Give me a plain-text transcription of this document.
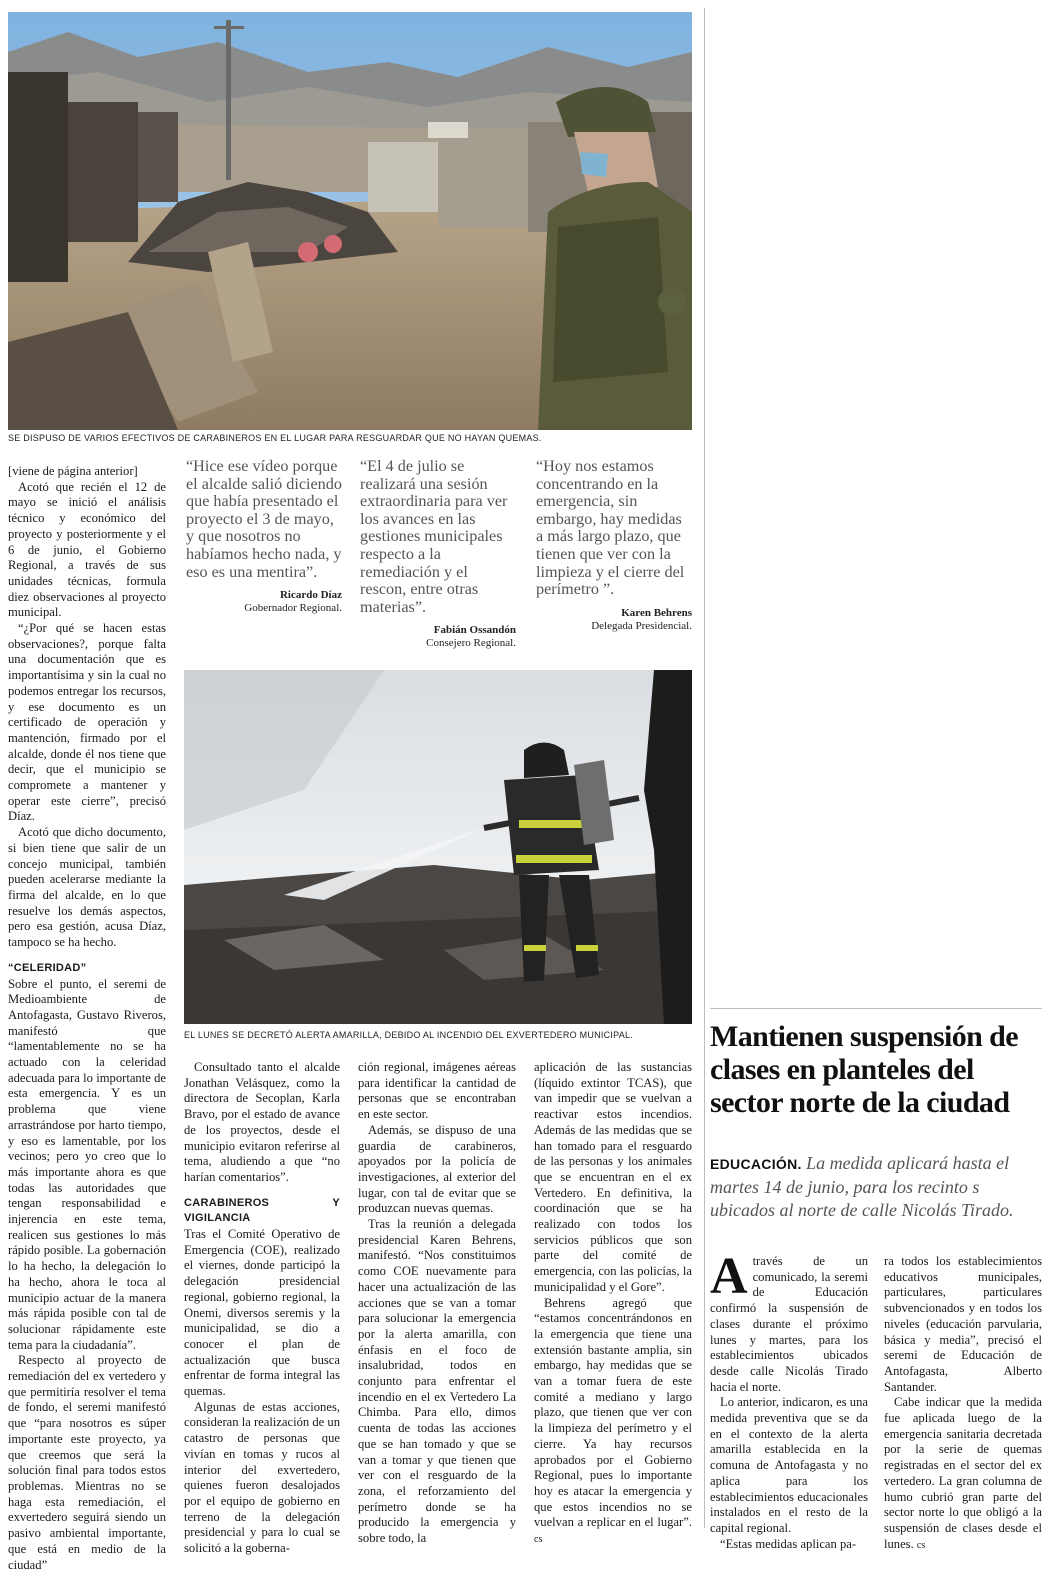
SE DISPUSO DE VARIOS EFECTIVOS DE CARABINEROS EN EL LUGAR PARA RESGUARDAR QUE NO HAYAN QUEMAS.

[viene de página anterior]

Acotó que recién el 12 de mayo se inició el análisis técnico y económico del proyecto y posteriormente y el 6 de junio, el Gobierno Regional, a través de sus unidades técnicas, formula diez observaciones al proyecto municipal.

“¿Por qué se hacen estas observaciones?, porque falta una documentación que es importantísima y sin la cual no podemos entregar los recursos, y ese documento es un certificado de operación y mantención, firmado por el alcalde, donde él nos tiene que decir, que el municipio se compromete a mantener y operar este cierre”, precisó Díaz.

Acotó que dicho documento, si bien tiene que salir de un concejo municipal, también pueden acelerarse mediante la firma del alcalde, en lo que resuelve los demás aspectos, pero esa gestión, acusa Díaz, tampoco se ha hecho.

“CELERIDAD”

Sobre el punto, el seremi de Medioambiente de Antofagasta, Gustavo Riveros, manifestó que “lamentablemente no se ha actuado con la celeridad adecuada para lo importante de esta emergencia. Y es un problema que viene arrastrándose por harto tiempo, y eso es lamentable, por los vecinos; pero yo creo que lo más importante ahora es que todas las autoridades que tengan responsabilidad e injerencia en este tema, realicen sus gestiones lo más rápido posible. La gobernación lo ha hecho, la delegación lo ha hecho, ahora le toca al municipio actuar de la manera más rápida posible con tal de solucionar rápidamente este tema para la ciudadanía”.

Respecto al proyecto de remediación del ex vertedero y que permitiría resolver el tema de fondo, el seremi manifestó que “para nosotros es súper importante este proyecto, ya que creemos que será la solución final para todos estos problemas. Mientras no se haga esta remediación, el exvertedero seguirá siendo un pasivo ambiental importante, que está en medio de la ciudad”

“Hice ese vídeo porque el alcalde salió diciendo que había presentado el proyecto el 3 de mayo, y que nosotros no habíamos hecho nada, y eso es una mentira”.
Ricardo Díaz
Gobernador Regional.
“El 4 de julio se realizará una sesión extraordinaria para ver los avances en las gestiones municipales respecto a la remediación y el rescon, entre otras materias”.
Fabián Ossandón
Consejero Regional.
“Hoy nos estamos concentrando en la emergencia, sin embargo, hay medidas a más largo plazo, que tienen que ver con la limpieza y el cierre del perímetro ”.
Karen Behrens
Delegada Presidencial.
EL LUNES SE DECRETÓ ALERTA AMARILLA, DEBIDO AL INCENDIO DEL EXVERTEDERO MUNICIPAL.

Consultado tanto el alcalde Jonathan Velásquez, como la directora de Secoplan, Karla Bravo, por el estado de avance de los proyectos, desde el municipio evitaron referirse al tema, aludiendo a que “no harían comentarios”.

CARABINEROS Y VIGILANCIA

Tras el Comité Operativo de Emergencia (COE), realizado el viernes, donde participó la delegación presidencial regional, gobierno regional, la Onemi, diversos seremis y la municipalidad, se dio a conocer el plan de actualización que busca enfrentar de forma integral las quemas.

Algunas de estas acciones, consideran la realización de un catastro de personas que vivían en tomas y rucos al interior del exvertedero, quienes fueron desalojados por el equipo de gobierno en terreno de la delegación presidencial y para lo cual se solicitó a la goberna-

ción regional, imágenes aéreas para identificar la cantidad de personas que se encontraban en este sector.

Además, se dispuso de una guardia de carabineros, apoyados por la policía de investigaciones, al exterior del lugar, con tal de evitar que se produzcan nuevas quemas.

Tras la reunión a delegada presidencial Karen Behrens, manifestó. “Nos constituimos como COE nuevamente para hacer una actualización de las acciones que se van a tomar para solucionar la emergencia por la alerta amarilla, con énfasis en el foco de insalubridad, todos en conjunto para enfrentar el incendio en el ex Vertedero La Chimba. Para ello, dimos cuenta de todas las acciones que se han tomado y que se van a tomar y que tienen que ver con el resguardo de la zona, el reforzamiento del perímetro donde se ha producido la emergencia y sobre todo, la

aplicación de las sustancias (líquido extintor TCAS), que van impedir que se vuelvan a reactivar estos incendios. Además de las medidas que se han tomado para el resguardo de las personas y los animales que se encuentran en el ex Vertedero. En definitiva, la coordinación que se ha realizado con todos los servicios públicos que son parte del comité de emergencia, con las policías, la municipalidad y el Gore”.

Behrens agregó que “estamos concentrándonos en la emergencia que tiene una extensión bastante amplia, sin embargo, hay medidas que se van a tomar fuera de este comité a mediano y largo plazo, que tienen que ver con la limpieza del perímetro y el cierre. Ya hay recursos aprobados por el Gobierno Regional, pues lo importante hoy es atacar la emergencia y que estos incendios no se vuelvan a replicar en el lugar”. cs

Mantienen suspensión de clases en planteles del sector norte de la ciudad
EDUCACIÓN. La medida aplicará hasta el martes 14 de junio, para los recinto s ubicados al norte de calle Nicolás Tirado.

Através de un comunicado, la seremi de Educación confirmó la suspensión de clases durante el próximo lunes y martes, para los establecimientos ubicados desde calle Nicolás Tirado hacia el norte.

Lo anterior, indicaron, es una medida preventiva que se da en el contexto de la alerta amarilla establecida en la comuna de Antofagasta y no aplica para los establecimientos educacionales instalados en el resto de la capital regional.

“Estas medidas aplican pa-

ra todos los establecimientos educativos municipales, particulares, particulares subvencionados y en todos los niveles (educación parvularia, básica y media”, precisó el seremi de Educación de Antofagasta, Alberto Santander.

Cabe indicar que la medida fue aplicada luego de la emergencia sanitaria decretada por la serie de quemas registradas en el sector del ex vertedero. La gran columna de humo cubrió gran parte del sector norte lo que obligó a la suspensión de clases desde el lunes. cs
